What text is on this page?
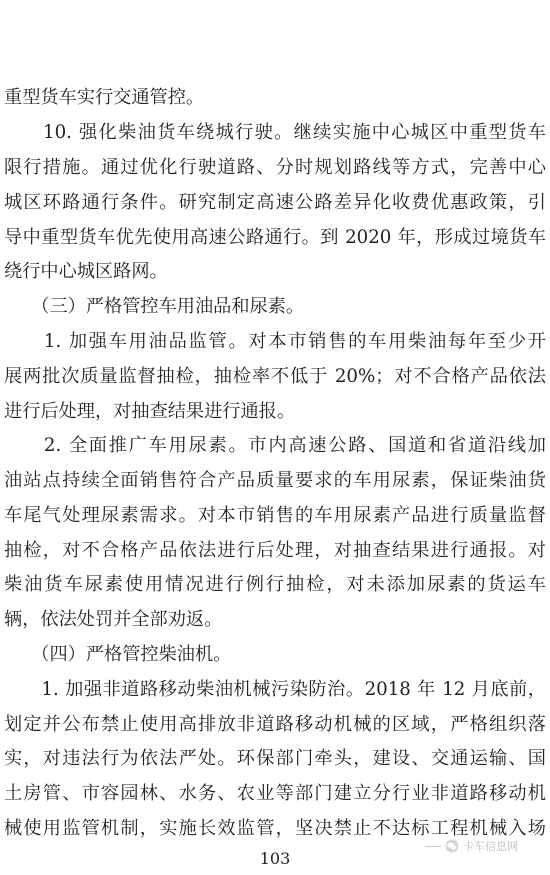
重型货车实行交通管控。
　　10. 强化柴油货车绕城行驶。继续实施中心城区中重型货车
限行措施。通过优化行驶道路、分时规划路线等方式，完善中心
城区环路通行条件。研究制定高速公路差异化收费优惠政策，引
导中重型货车优先使用高速公路通行。到 2020 年，形成过境货车
绕行中心城区路网。
　　（三）严格管控车用油品和尿素。
　　1. 加强车用油品监管。对本市销售的车用柴油每年至少开
展两批次质量监督抽检，抽检率不低于 20%；对不合格产品依法
进行后处理，对抽查结果进行通报。
　　2. 全面推广车用尿素。市内高速公路、国道和省道沿线加
油站点持续全面销售符合产品质量要求的车用尿素，保证柴油货
车尾气处理尿素需求。对本市销售的车用尿素产品进行质量监督
抽检，对不合格产品依法进行后处理，对抽查结果进行通报。对
柴油货车尿素使用情况进行例行抽检，对未添加尿素的货运车
辆，依法处罚并全部劝返。
　　（四）严格管控柴油机。
　　1. 加强非道路移动柴油机械污染防治。2018 年 12 月底前，
划定并公布禁止使用高排放非道路移动机械的区域，严格组织落
实，对违法行为依法严处。环保部门牵头，建设、交通运输、国
土房管、市容园林、水务、农业等部门建立分行业非道路移动机
械使用监管机制，实施长效监管，坚决禁止不达标工程机械入场
卡车信息网
103
